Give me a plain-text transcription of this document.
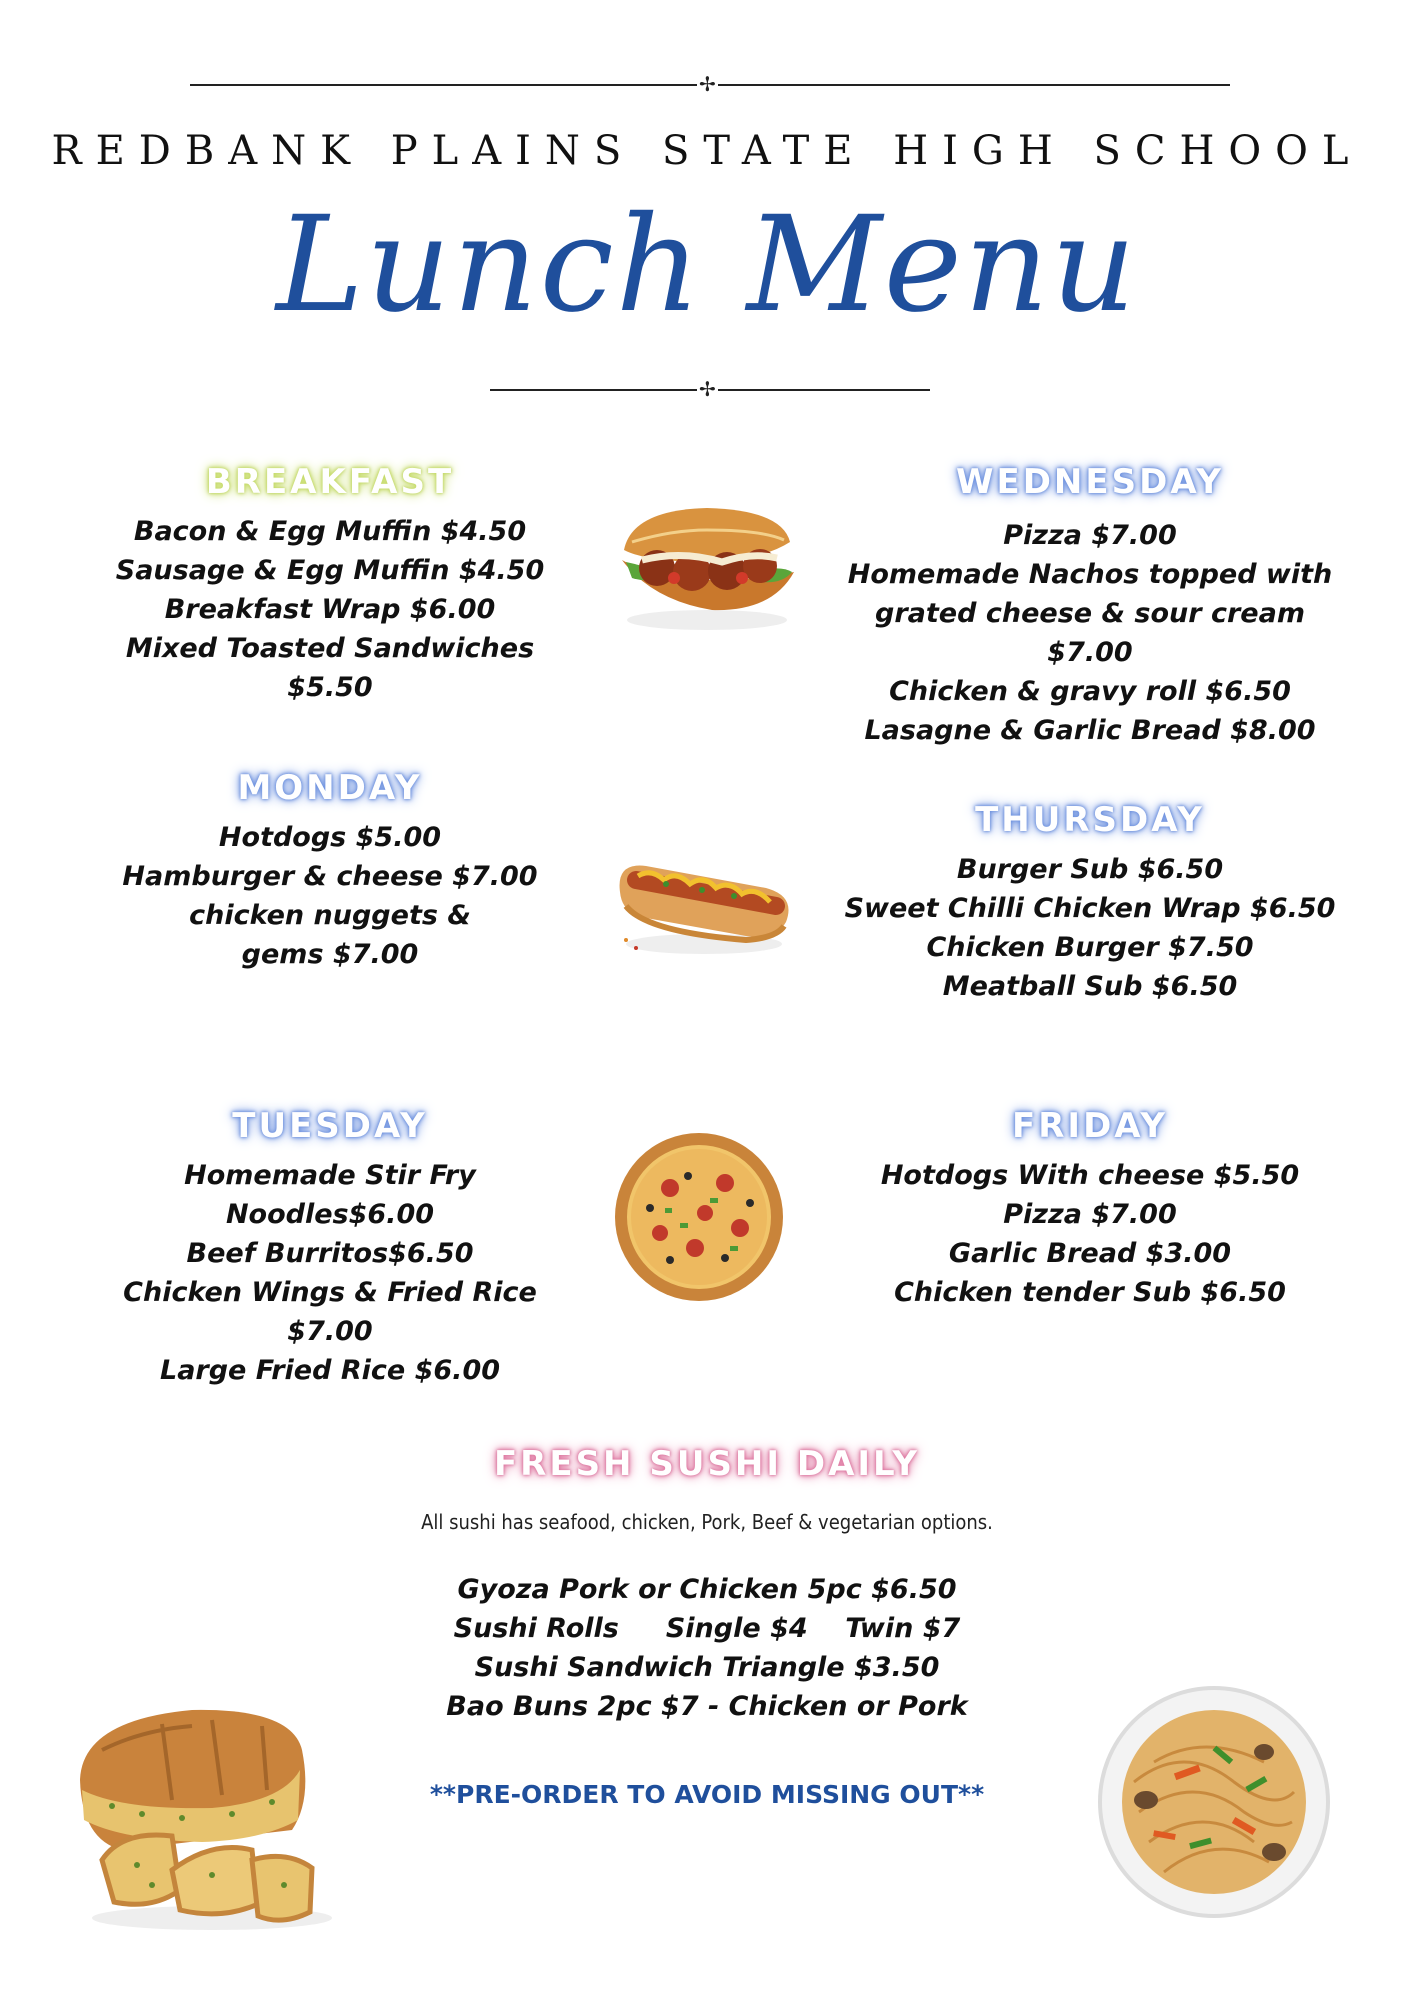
✢
REDBANK PLAINS STATE HIGH SCHOOL
Lunch Menu
✢
BREAKFAST
Bacon & Egg Muffin $4.50
Sausage & Egg Muffin $4.50
Breakfast Wrap $6.00
Mixed Toasted Sandwiches
$5.50
MONDAY
Hotdogs $5.00
Hamburger & cheese $7.00
chicken nuggets &
gems $7.00
TUESDAY
Homemade Stir Fry
Noodles$6.00
Beef Burritos$6.50
Chicken Wings & Fried Rice
$7.00
Large Fried Rice $6.00
WEDNESDAY
Pizza $7.00
Homemade Nachos topped with
grated cheese & sour cream $7.00
Chicken & gravy roll $6.50
Lasagne & Garlic Bread $8.00
THURSDAY
Burger Sub $6.50
Sweet Chilli Chicken Wrap $6.50
Chicken Burger $7.50
Meatball Sub $6.50
FRIDAY
Hotdogs With cheese $5.50
Pizza $7.00
Garlic Bread $3.00
Chicken tender Sub $6.50
FRESH SUSHI DAILY
All sushi has seafood, chicken, Pork, Beef & vegetarian options.
Gyoza Pork or Chicken 5pc $6.50
Sushi Rolls     Single $4    Twin $7
Sushi Sandwich Triangle $3.50
Bao Buns 2pc $7 - Chicken or Pork
**PRE-ORDER TO AVOID MISSING OUT**
